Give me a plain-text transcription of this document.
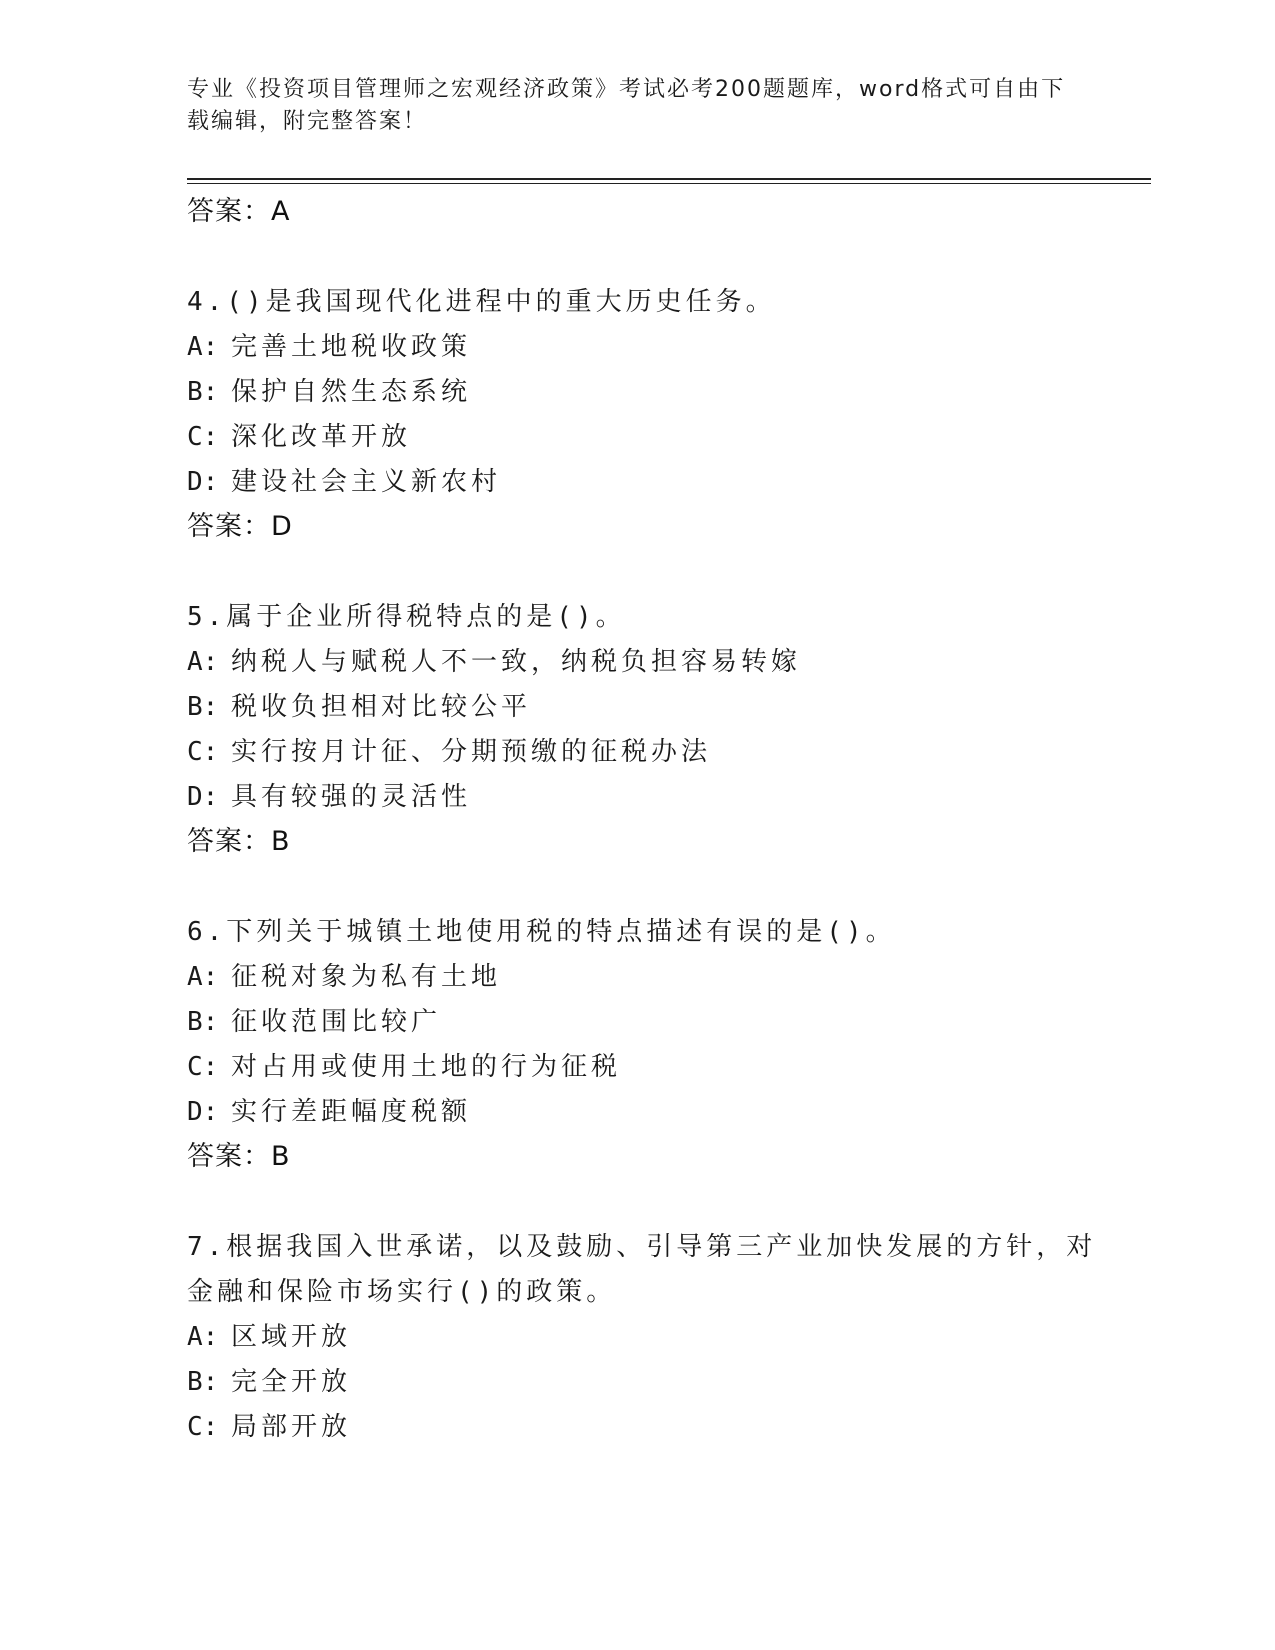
专业《投资项目管理师之宏观经济政策》考试必考200题题库，word格式可自由下载编辑，附完整答案！
答案：A
4.()是我国现代化进程中的重大历史任务。
A: 完善土地税收政策
B: 保护自然生态系统
C: 深化改革开放
D: 建设社会主义新农村
答案：D
5.属于企业所得税特点的是()。
A: 纳税人与赋税人不一致，纳税负担容易转嫁
B: 税收负担相对比较公平
C: 实行按月计征、分期预缴的征税办法
D: 具有较强的灵活性
答案：B
6.下列关于城镇土地使用税的特点描述有误的是()。
A: 征税对象为私有土地
B: 征收范围比较广
C: 对占用或使用土地的行为征税
D: 实行差距幅度税额
答案：B
7.根据我国入世承诺，以及鼓励、引导第三产业加快发展的方针，对
金融和保险市场实行()的政策。
A: 区域开放
B: 完全开放
C: 局部开放
